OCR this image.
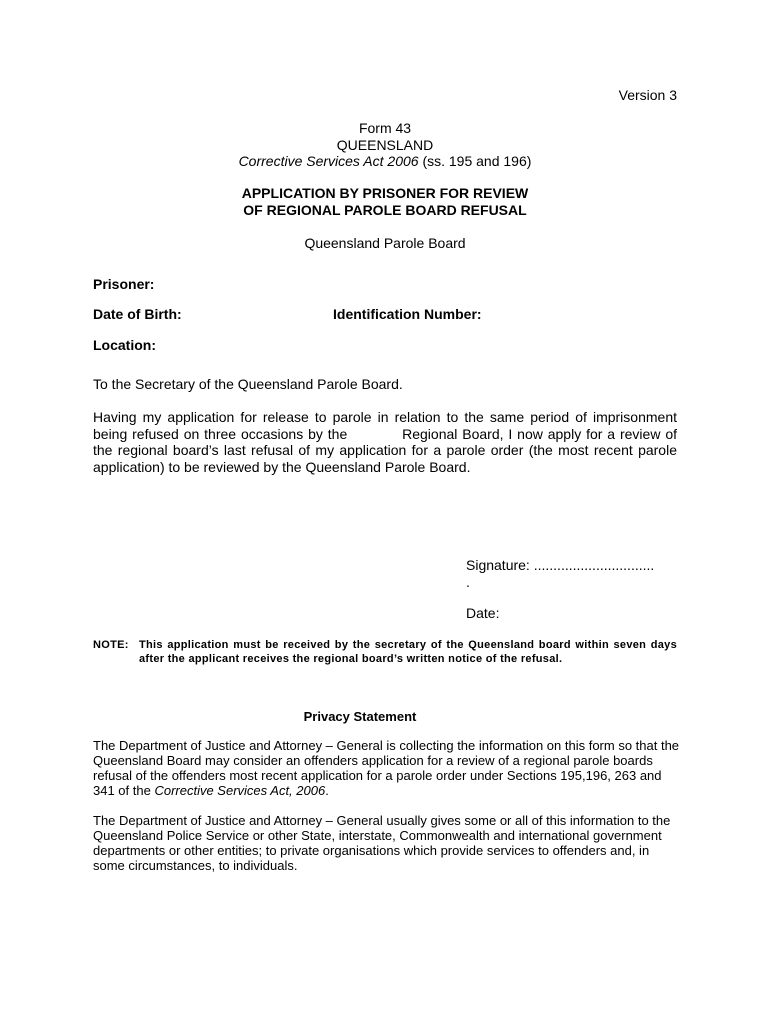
Version 3
Form 43
QUEENSLAND
Corrective Services Act 2006 (ss. 195 and 196)
APPLICATION BY PRISONER FOR REVIEW
OF REGIONAL PAROLE BOARD REFUSAL
Queensland Parole Board
Prisoner:
Date of Birth:	Identification Number:
Location:
To the Secretary of the Queensland Parole Board.
Having my application for release to parole in relation to the same period of imprisonment being refused on three occasions by the	Regional Board, I now apply for a review of the regional board’s last refusal of my application for a parole order (the most recent parole application) to be reviewed by the Queensland Parole Board.
Signature: ...............................
.
Date:
NOTE: This application must be received by the secretary of the Queensland board within seven days after the applicant receives the regional board’s written notice of the refusal.
Privacy Statement
The Department of Justice and Attorney – General is collecting the information on this form so that the Queensland Board may consider an offenders application for a review of a regional parole boards refusal of the offenders most recent application for a parole order under Sections 195,196, 263 and 341 of the Corrective Services Act, 2006.
The Department of Justice and Attorney – General usually gives some or all of this information to the Queensland Police Service or other State, interstate, Commonwealth and international government departments or other entities; to private organisations which provide services to offenders and, in some circumstances, to individuals.
